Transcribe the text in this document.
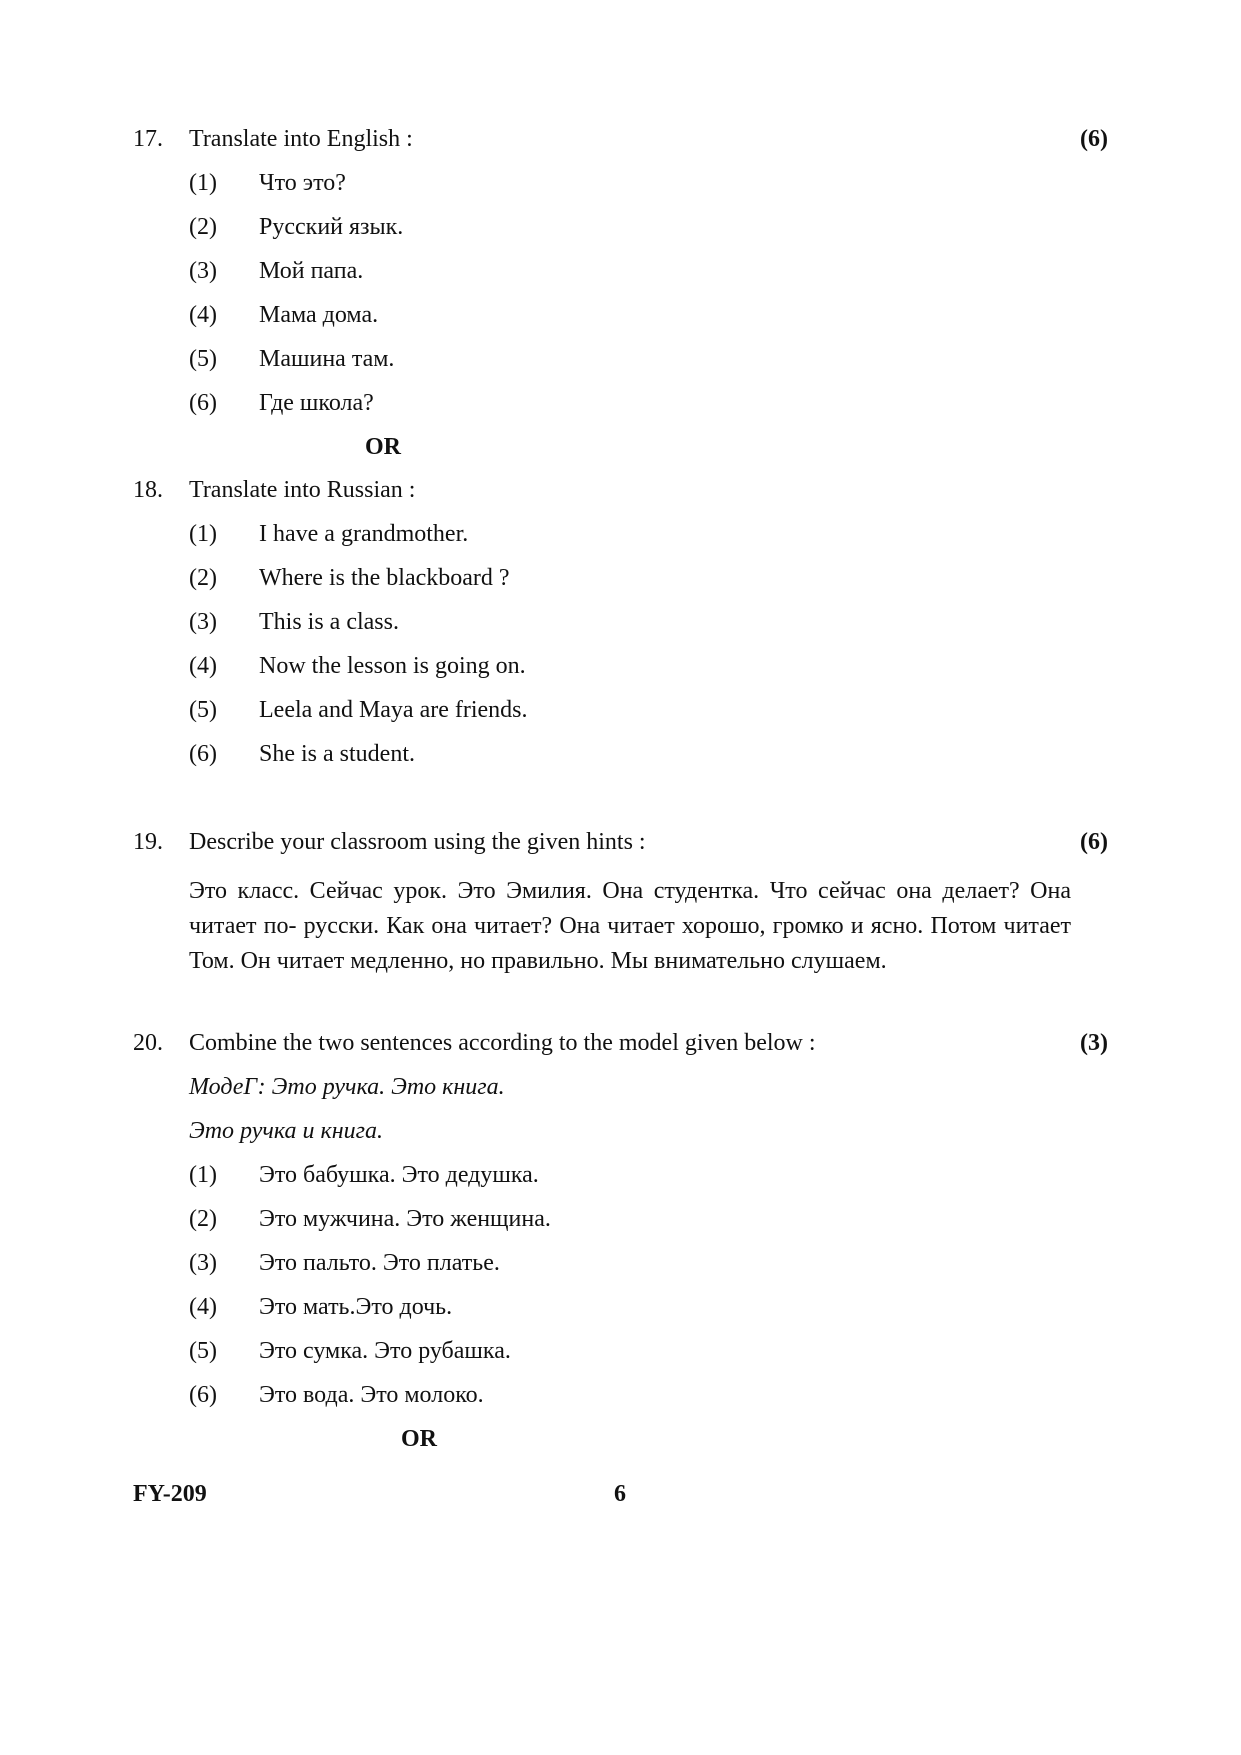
17. Translate into English :	(6)
(1) Что это?
(2) Русский язык.
(3) Мой папа.
(4) Мама дома.
(5) Машина там.
(6) Где школа?
OR
18. Translate into Russian :
(1) I have a grandmother.
(2) Where is the blackboard ?
(3) This is a class.
(4) Now the lesson is going on.
(5) Leela and Maya are friends.
(6) She is a student.
19. Describe your classroom using the given hints :	(6)
Это класс. Сейчас урок. Это Эмилия. Она студентка. Что сейчас она делает? Она читает по- русски. Как она читает? Она читает хорошо, громко и ясно. Потом читает Том. Он читает медленно, но правильно. Мы внимательно слушаем.
20. Combine the two sentences according to the model given below :	(3)
МодеГ: Это ручка. Это книга.
Это ручка и книга.
(1) Это бабушка. Это дедушка.
(2) Это мужчина. Это женщина.
(3) Это пальто. Это платье.
(4) Это мать.Это дочь.
(5) Это сумка. Это рубашка.
(6) Это вода. Это молоко.
OR
FY-209	6
